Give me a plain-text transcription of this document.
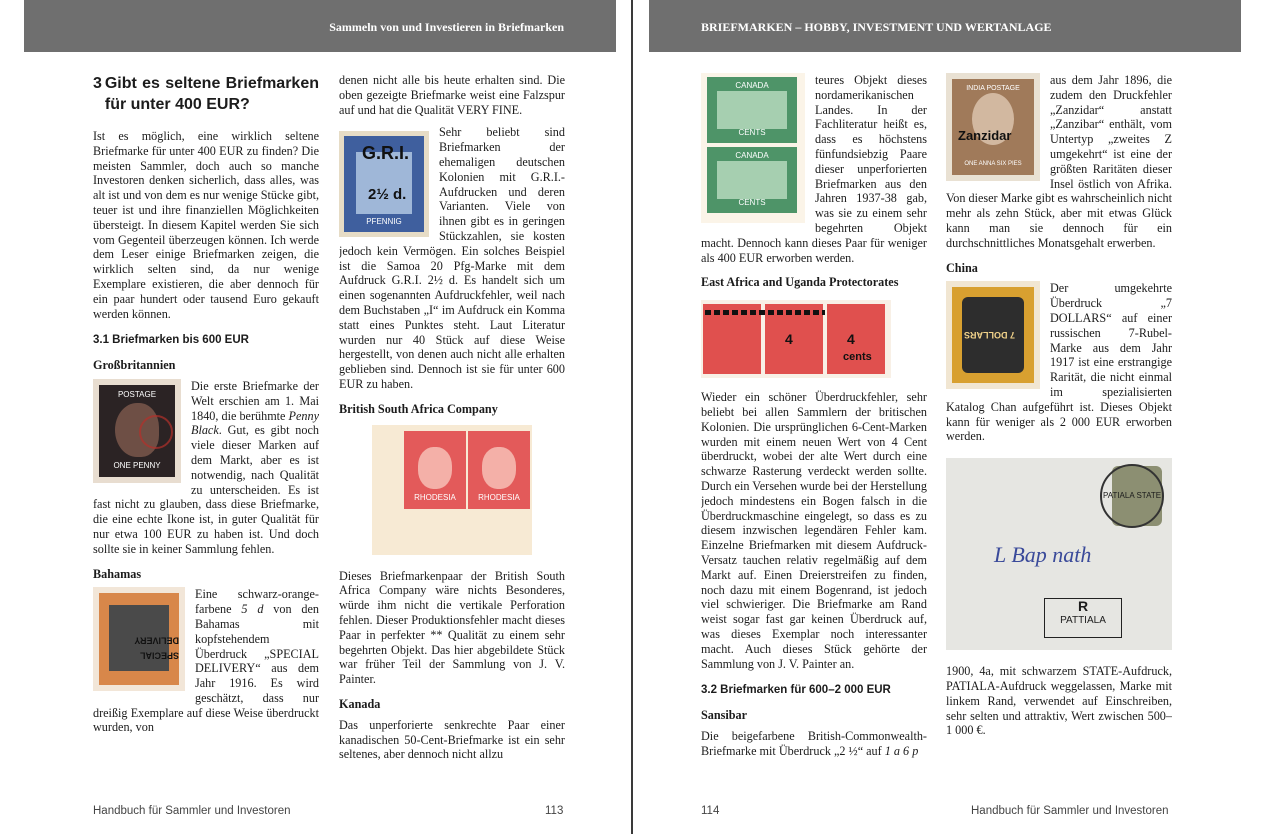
Sammeln von und Investieren in Briefmarken	BRIEFMARKEN – HOBBY, INVESTMENT UND WERTANLAGE
3 Gibt es seltene Briefmarken für unter 400 EUR?

Ist es möglich, eine wirklich seltene Briefmarke für unter 400 EUR zu finden? Die meisten Sammler, doch auch so manche Investoren denken sicherlich, dass alles, was alt ist und von dem es nur wenige Stücke gibt, teuer ist und ihre finanziellen Möglichkeiten übersteigt. In diesem Kapitel werden Sie sich vom Gegenteil überzeugen können. Ich werde dem Leser einige Briefmarken zeigen, die wirklich selten sind, da nur wenige Exemplare existieren, die aber dennoch für ein paar hundert oder tausend Euro gekauft werden können.

3.1 Briefmarken bis 600 EUR
Großbritannien
POSTAGE
ONE PENNY

Die erste Briefmarke der Welt erschien am 1. Mai 1840, die berühmte Penny Black. Gut, es gibt noch viele dieser Marken auf dem Markt, aber es ist notwendig, nach Qualität zu unterscheiden. Es ist fast nicht zu glauben, dass diese Briefmarke, die eine echte Ikone ist, in guter Qualität für nur etwa 100 EUR zu haben ist. Und doch sollte sie in keiner Sammlung fehlen.

Bahamas
SPECIAL DELIVERY

Eine schwarz-orange-farbene 5 d von den Bahamas mit kopfstehendem Überdruck „SPECIAL DELIVERY“ aus dem Jahr 1916. Es wird geschätzt, dass nur dreißig Exemplare auf diese Weise überdruckt wurden, von

denen nicht alle bis heute erhalten sind. Die oben gezeigte Briefmarke weist eine Falzspur auf und hat die Qualität VERY FINE.

G.R.I.
2½ d.
PFENNIG

Sehr beliebt sind Briefmarken der ehemaligen deutschen Kolonien mit G.R.I.-Aufdrucken und deren Varianten. Viele von ihnen gibt es in geringen Stückzahlen, sie kosten jedoch kein Vermögen. Ein solches Beispiel ist die Samoa 20 Pfg-Marke mit dem Aufdruck G.R.I. 2½ d. Es handelt sich um einen sogenannten Aufdruckfehler, weil nach dem Buchstaben „I“ im Aufdruck ein Komma statt eines Punktes steht. Laut Literatur wurden nur 40 Stück auf diese Weise hergestellt, von denen auch nicht alle erhalten geblieben sind. Dennoch ist sie für unter 600 EUR zu haben.

British South Africa Company
RHODESIA	RHODESIA

Dieses Briefmarkenpaar der British South Africa Company wäre nichts Besonderes, würde ihm nicht die vertikale Perforation fehlen. Dieser Produktionsfehler macht dieses Paar in perfekter ** Qualität zu einem sehr begehrten Objekt. Das hier abgebildete Stück war früher Teil der Sammlung von J. V. Painter.

Kanada

Das unperforierte senkrechte Paar einer kanadischen 50-Cent-Briefmarke ist ein sehr seltenes, aber dennoch nicht allzu

Handbuch für Sammler und Investoren	113
CANADA
CENTS
CANADA
CENTS

teures Objekt dieses nordamerikanischen Landes. In der Fachliteratur heißt es, dass es höchstens fünfundsiebzig Paare dieser unperforierten Briefmarken aus den Jahren 1937-38 gab, was sie zu einem sehr begehrten Objekt macht. Dennoch kann dieses Paar für weniger als 400 EUR erworben werden.

East Africa and Uganda Protectorates
4	4
cents

Wieder ein schöner Überdruckfehler, sehr beliebt bei allen Sammlern der britischen Kolonien. Die ursprünglichen 6-Cent-Marken wurden mit einem neuen Wert von 4 Cent überdruckt, wobei der alte Wert durch eine schwarze Rasterung verdeckt werden sollte. Durch ein Versehen wurde bei der Herstellung jedoch mindestens ein Bogen falsch in die Überdruckmaschine eingelegt, so dass es zu diesem inzwischen legendären Fehler kam. Einzelne Briefmarken mit diesem Aufdruck-Versatz tauchen relativ regelmäßig auf dem Markt auf. Einen Dreierstreifen zu finden, noch dazu mit einem Bogenrand, ist jedoch viel schwieriger. Die Briefmarke am Rand weist sogar fast gar keinen Überdruck auf, was dieses Exemplar noch interessanter macht. Auch dieses Stück gehörte der Sammlung von J. V. Painter an.

3.2 Briefmarken für 600–2 000 EUR
Sansibar

Die beigefarbene British-Commonwealth-Briefmarke mit Überdruck „2 ½“ auf 1 a 6 p

INDIA POSTAGE
Zanzidar
ONE ANNA SIX PIES

aus dem Jahr 1896, die zudem den Druckfehler „Zanzidar“ anstatt „Zanzibar“ enthält, vom Untertyp „zweites Z umgekehrt“ ist eine der größten Raritäten dieser Insel östlich von Afrika. Von dieser Marke gibt es wahrscheinlich nicht mehr als zehn Stück, aber mit etwas Glück kann man sie dennoch für ein durchschnittliches Monatsgehalt erwerben.

China
7 DOLLARS

Der umgekehrte Überdruck „7 DOLLARS“ auf einer russischen 7-Rubel-Marke aus dem Jahr 1917 ist eine erstrangige Rarität, die nicht einmal im spezialisierten Katalog Chan aufgeführt ist. Dieses Objekt kann für weniger als 2 000 EUR erworben werden.

PATIALA STATE
L Bap nath
R
PATTIALA

1900, 4a, mit schwarzem STATE-Aufdruck, PATIALA-Aufdruck weggelassen, Marke mit linkem Rand, verwendet auf Einschreiben, sehr selten und attraktiv, Wert zwischen 500–1 000 €.

114	Handbuch für Sammler und Investoren
